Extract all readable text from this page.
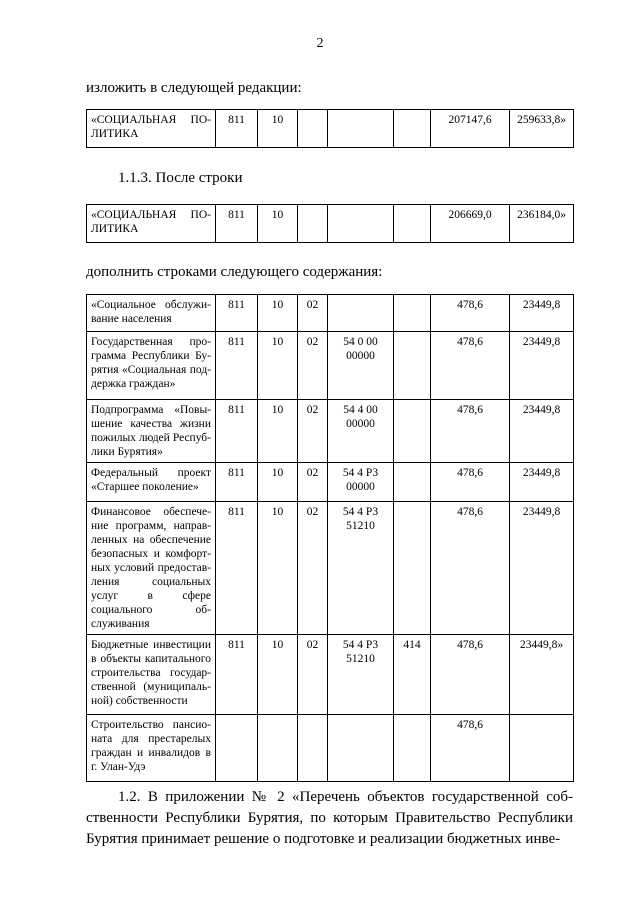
2
изложить в следующей редакции:
«СОЦИАЛЬНАЯ ПО-ЛИТИКА	811	10				207147,6	259633,8»
1.1.3. После строки
«СОЦИАЛЬНАЯ ПО-ЛИТИКА	811	10				206669,0	236184,0»
дополнить строками следующего содержания:
«Социальное обслужи-вание населения	811	10	02			478,6	23449,8
Государственная про-грамма Республики Бу-рятия «Социальная под-держка граждан»	811	10	02	54 0 00 00000		478,6	23449,8
Подпрограмма «Повы-шение качества жизни пожилых людей Респуб-лики Бурятия»	811	10	02	54 4 00 00000		478,6	23449,8
Федеральный проект «Старшее поколение»	811	10	02	54 4 P3 00000		478,6	23449,8
Финансовое обеспече-ние программ, направ-ленных на обеспечение безопасных и комфорт-ных условий предостав-ления социальных услуг в сфере социального об-служивания	811	10	02	54 4 P3 51210		478,6	23449,8
Бюджетные инвестиции в объекты капитального строительства государ-ственной (муниципаль-ной) собственности	811	10	02	54 4 P3 51210	414	478,6	23449,8»
Строительство пансио-ната для престарелых граждан и инвалидов в г. Улан-Удэ						478,6	
1.2. В приложении № 2 «Перечень объектов государственной соб-ственности Республики Бурятия, по которым Правительство Республики Бурятия принимает решение о подготовке и реализации бюджетных инве-
